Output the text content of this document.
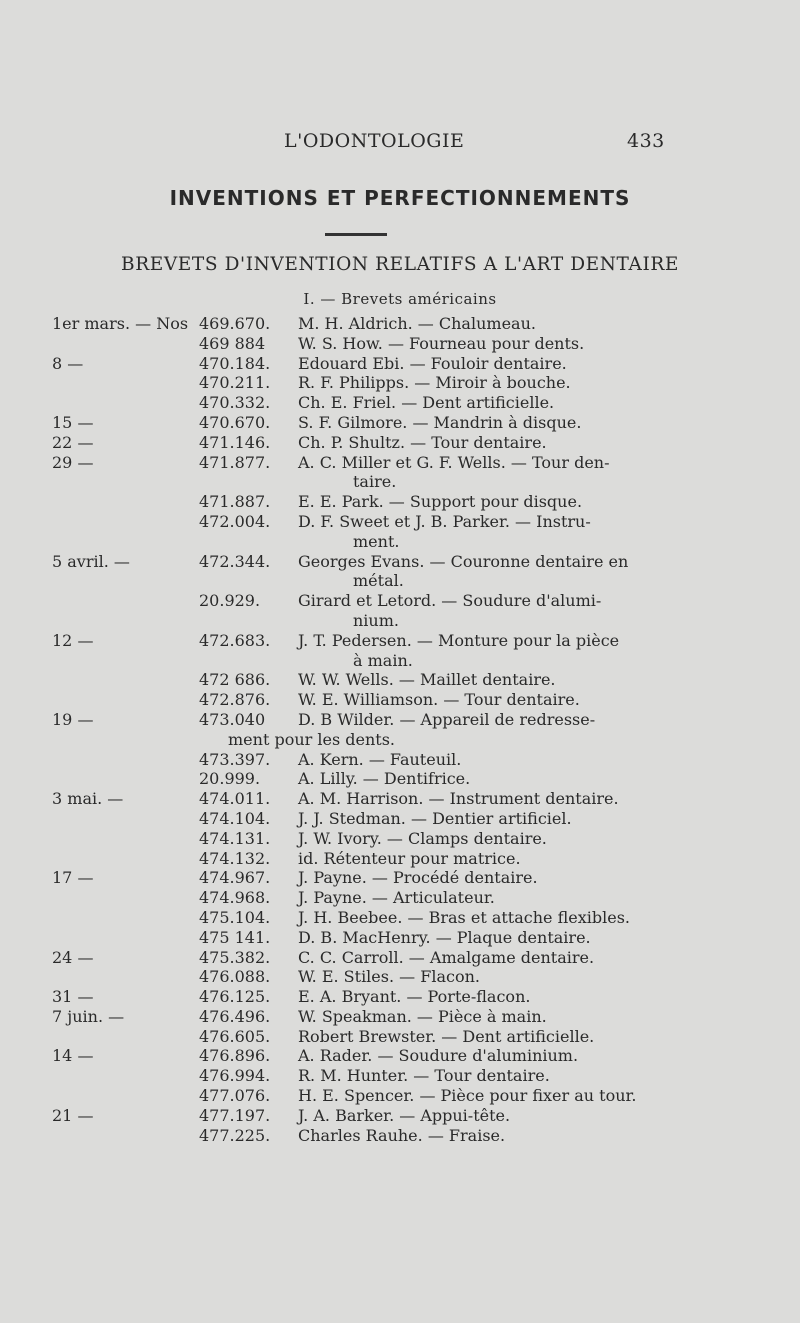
L'ODONTOLOGIE	433
INVENTIONS ET PERFECTIONNEMENTS
BREVETS D'INVENTION RELATIFS A L'ART DENTAIRE
I. — Brevets américains
1er mars. — Nos 469.670. M. H. Aldrich. — Chalumeau.
469 884 W. S. How. — Fourneau pour dents.
8 —	470.184. Edouard Ebi. — Fouloir dentaire.
470.211. R. F. Philipps. — Miroir à bouche.
470.332. Ch. E. Friel. — Dent artificielle.
15 —	470.670. S. F. Gilmore. — Mandrin à disque.
22 —	471.146. Ch. P. Shultz. — Tour dentaire.
29 —	471.877. A. C. Miller et G. F. Wells. — Tour den-
taire.
471.887. E. E. Park. — Support pour disque.
472.004. D. F. Sweet et J. B. Parker. — Instru-
ment.
5 avril. —	472.344. Georges Evans. — Couronne dentaire en
métal.
20.929. Girard et Letord. — Soudure d'alumi-
nium.
12 —	472.683. J. T. Pedersen. — Monture pour la pièce
à main.
472 686. W. W. Wells. — Maillet dentaire.
472.876. W. E. Williamson. — Tour dentaire.
19 —	473.040 D. B Wilder. — Appareil de redresse-
ment pour les dents.
473.397. A. Kern. — Fauteuil.
20.999. A. Lilly. — Dentifrice.
3 mai. —	474.011. A. M. Harrison. — Instrument dentaire.
474.104. J. J. Stedman. — Dentier artificiel.
474.131. J. W. Ivory. — Clamps dentaire.
474.132. id. Rétenteur pour matrice.
17 —	474.967. J. Payne. — Procédé dentaire.
474.968. J. Payne. — Articulateur.
475.104. J. H. Beebee. — Bras et attache flexibles.
475 141. D. B. MacHenry. — Plaque dentaire.
24 —	475.382. C. C. Carroll. — Amalgame dentaire.
476.088. W. E. Stiles. — Flacon.
31 —	476.125. E. A. Bryant. — Porte-flacon.
7 juin. —	476.496. W. Speakman. — Pièce à main.
476.605. Robert Brewster. — Dent artificielle.
14 —	476.896. A. Rader. — Soudure d'aluminium.
476.994. R. M. Hunter. — Tour dentaire.
477.076. H. E. Spencer. — Pièce pour fixer au tour.
21 —	477.197. J. A. Barker. — Appui-tête.
477.225. Charles Rauhe. — Fraise.
